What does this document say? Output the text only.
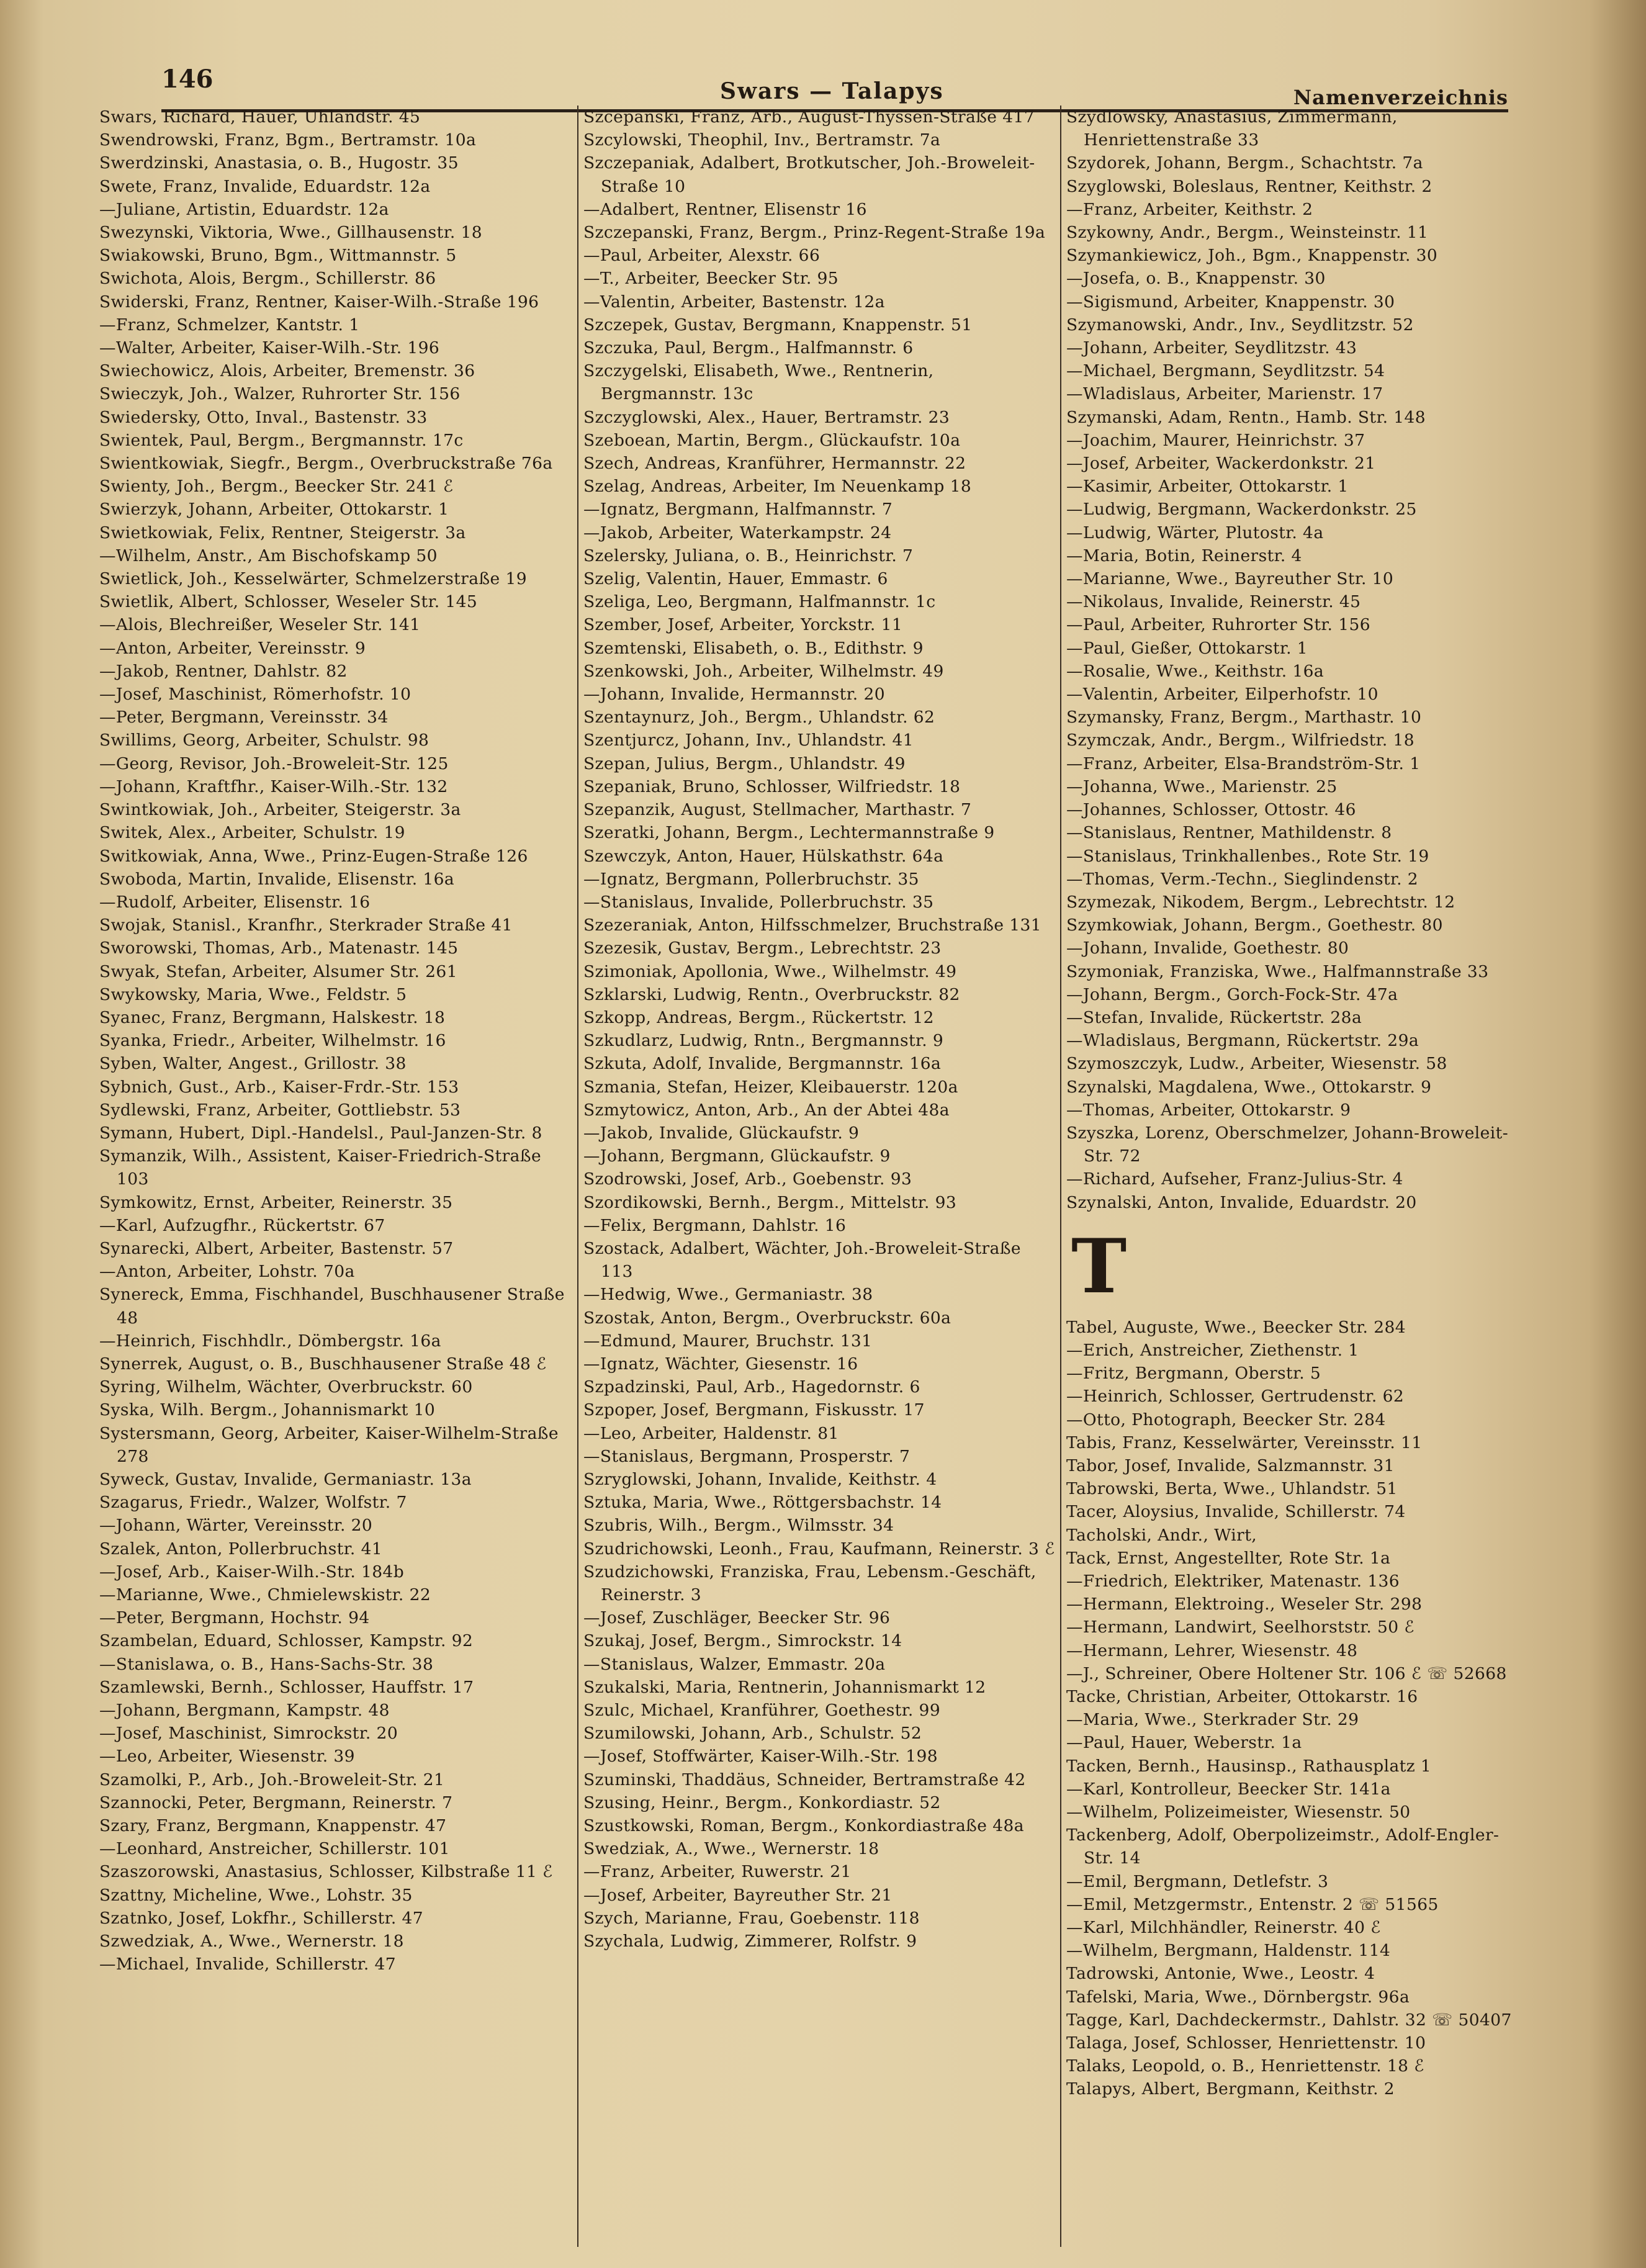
146	Swars — Talapys	Namenverzeichnis
Swars, Richard, Hauer, Uhlandstr. 45
Swendrowski, Franz, Bgm., Bertramstr. 10a
Swerdzinski, Anastasia, o. B., Hugostr. 35
Swete, Franz, Invalide, Eduardstr. 12a
—Juliane, Artistin, Eduardstr. 12a
Swezynski, Viktoria, Wwe., Gillhausenstr. 18
Swiakowski, Bruno, Bgm., Wittmannstr. 5
Swichota, Alois, Bergm., Schillerstr. 86
Swiderski, Franz, Rentner, Kaiser-Wilh.-Straße 196
—Franz, Schmelzer, Kantstr. 1
—Walter, Arbeiter, Kaiser-Wilh.-Str. 196
Swiechowicz, Alois, Arbeiter, Bremenstr. 36
Swieczyk, Joh., Walzer, Ruhrorter Str. 156
Swiedersky, Otto, Inval., Bastenstr. 33
Swientek, Paul, Bergm., Bergmannstr. 17c
Swientkowiak, Siegfr., Bergm., Overbruckstraße 76a
Swienty, Joh., Bergm., Beecker Str. 241 ℰ
Swierzyk, Johann, Arbeiter, Ottokarstr. 1
Swietkowiak, Felix, Rentner, Steigerstr. 3a
—Wilhelm, Anstr., Am Bischofskamp 50
Swietlick, Joh., Kesselwärter, Schmelzerstraße 19
Swietlik, Albert, Schlosser, Weseler Str. 145
—Alois, Blechreißer, Weseler Str. 141
—Anton, Arbeiter, Vereinsstr. 9
—Jakob, Rentner, Dahlstr. 82
—Josef, Maschinist, Römerhofstr. 10
—Peter, Bergmann, Vereinsstr. 34
Swillims, Georg, Arbeiter, Schulstr. 98
—Georg, Revisor, Joh.-Broweleit-Str. 125
—Johann, Kraftfhr., Kaiser-Wilh.-Str. 132
Swintkowiak, Joh., Arbeiter, Steigerstr. 3a
Switek, Alex., Arbeiter, Schulstr. 19
Switkowiak, Anna, Wwe., Prinz-Eugen-Straße 126
Swoboda, Martin, Invalide, Elisenstr. 16a
—Rudolf, Arbeiter, Elisenstr. 16
Swojak, Stanisl., Kranfhr., Sterkrader Straße 41
Sworowski, Thomas, Arb., Matenastr. 145
Swyak, Stefan, Arbeiter, Alsumer Str. 261
Swykowsky, Maria, Wwe., Feldstr. 5
Syanec, Franz, Bergmann, Halskestr. 18
Syanka, Friedr., Arbeiter, Wilhelmstr. 16
Syben, Walter, Angest., Grillostr. 38
Sybnich, Gust., Arb., Kaiser-Frdr.-Str. 153
Sydlewski, Franz, Arbeiter, Gottliebstr. 53
Symann, Hubert, Dipl.-Handelsl., Paul-Janzen-Str. 8
Symanzik, Wilh., Assistent, Kaiser-Friedrich-Straße 103
Symkowitz, Ernst, Arbeiter, Reinerstr. 35
—Karl, Aufzugfhr., Rückertstr. 67
Synarecki, Albert, Arbeiter, Bastenstr. 57
—Anton, Arbeiter, Lohstr. 70a
Synereck, Emma, Fischhandel, Buschhausener Straße 48
—Heinrich, Fischhdlr., Dömbergstr. 16a
Synerrek, August, o. B., Buschhausener Straße 48 ℰ
Syring, Wilhelm, Wächter, Overbruckstr. 60
Syska, Wilh. Bergm., Johannismarkt 10
Systersmann, Georg, Arbeiter, Kaiser-Wilhelm-Straße 278
Syweck, Gustav, Invalide, Germaniastr. 13a
Szagarus, Friedr., Walzer, Wolfstr. 7
—Johann, Wärter, Vereinsstr. 20
Szalek, Anton, Pollerbruchstr. 41
—Josef, Arb., Kaiser-Wilh.-Str. 184b
—Marianne, Wwe., Chmielewskistr. 22
—Peter, Bergmann, Hochstr. 94
Szambelan, Eduard, Schlosser, Kampstr. 92
—Stanislawa, o. B., Hans-Sachs-Str. 38
Szamlewski, Bernh., Schlosser, Hauffstr. 17
—Johann, Bergmann, Kampstr. 48
—Josef, Maschinist, Simrockstr. 20
—Leo, Arbeiter, Wiesenstr. 39
Szamolki, P., Arb., Joh.-Broweleit-Str. 21
Szannocki, Peter, Bergmann, Reinerstr. 7
Szary, Franz, Bergmann, Knappenstr. 47
—Leonhard, Anstreicher, Schillerstr. 101
Szaszorowski, Anastasius, Schlosser, Kilbstraße 11 ℰ
Szattny, Micheline, Wwe., Lohstr. 35
Szatnko, Josef, Lokfhr., Schillerstr. 47
Szwedziak, A., Wwe., Wernerstr. 18
—Michael, Invalide, Schillerstr. 47
Szcepanski, Franz, Arb., August-Thyssen-Straße 417
Szcylowski, Theophil, Inv., Bertramstr. 7a
Szczepaniak, Adalbert, Brotkutscher, Joh.-Broweleit-Straße 10
—Adalbert, Rentner, Elisenstr 16
Szczepanski, Franz, Bergm., Prinz-Regent-Straße 19a
—Paul, Arbeiter, Alexstr. 66
—T., Arbeiter, Beecker Str. 95
—Valentin, Arbeiter, Bastenstr. 12a
Szczepek, Gustav, Bergmann, Knappenstr. 51
Szczuka, Paul, Bergm., Halfmannstr. 6
Szczygelski, Elisabeth, Wwe., Rentnerin, Bergmannstr. 13c
Szczyglowski, Alex., Hauer, Bertramstr. 23
Szeboean, Martin, Bergm., Glückaufstr. 10a
Szech, Andreas, Kranführer, Hermannstr. 22
Szelag, Andreas, Arbeiter, Im Neuenkamp 18
—Ignatz, Bergmann, Halfmannstr. 7
—Jakob, Arbeiter, Waterkampstr. 24
Szelersky, Juliana, o. B., Heinrichstr. 7
Szelig, Valentin, Hauer, Emmastr. 6
Szeliga, Leo, Bergmann, Halfmannstr. 1c
Szember, Josef, Arbeiter, Yorckstr. 11
Szemtenski, Elisabeth, o. B., Edithstr. 9
Szenkowski, Joh., Arbeiter, Wilhelmstr. 49
—Johann, Invalide, Hermannstr. 20
Szentaynurz, Joh., Bergm., Uhlandstr. 62
Szentjurcz, Johann, Inv., Uhlandstr. 41
Szepan, Julius, Bergm., Uhlandstr. 49
Szepaniak, Bruno, Schlosser, Wilfriedstr. 18
Szepanzik, August, Stellmacher, Marthastr. 7
Szeratki, Johann, Bergm., Lechtermannstraße 9
Szewczyk, Anton, Hauer, Hülskathstr. 64a
—Ignatz, Bergmann, Pollerbruchstr. 35
—Stanislaus, Invalide, Pollerbruchstr. 35
Szezeraniak, Anton, Hilfsschmelzer, Bruchstraße 131
Szezesik, Gustav, Bergm., Lebrechtstr. 23
Szimoniak, Apollonia, Wwe., Wilhelmstr. 49
Szklarski, Ludwig, Rentn., Overbruckstr. 82
Szkopp, Andreas, Bergm., Rückertstr. 12
Szkudlarz, Ludwig, Rntn., Bergmannstr. 9
Szkuta, Adolf, Invalide, Bergmannstr. 16a
Szmania, Stefan, Heizer, Kleibauerstr. 120a
Szmytowicz, Anton, Arb., An der Abtei 48a
—Jakob, Invalide, Glückaufstr. 9
—Johann, Bergmann, Glückaufstr. 9
Szodrowski, Josef, Arb., Goebenstr. 93
Szordikowski, Bernh., Bergm., Mittelstr. 93
—Felix, Bergmann, Dahlstr. 16
Szostack, Adalbert, Wächter, Joh.-Broweleit-Straße 113
—Hedwig, Wwe., Germaniastr. 38
Szostak, Anton, Bergm., Overbruckstr. 60a
—Edmund, Maurer, Bruchstr. 131
—Ignatz, Wächter, Giesenstr. 16
Szpadzinski, Paul, Arb., Hagedornstr. 6
Szpoper, Josef, Bergmann, Fiskusstr. 17
—Leo, Arbeiter, Haldenstr. 81
—Stanislaus, Bergmann, Prosperstr. 7
Szryglowski, Johann, Invalide, Keithstr. 4
Sztuka, Maria, Wwe., Röttgersbachstr. 14
Szubris, Wilh., Bergm., Wilmsstr. 34
Szudrichowski, Leonh., Frau, Kaufmann, Reinerstr. 3 ℰ
Szudzichowski, Franziska, Frau, Lebensm.-Geschäft, Reinerstr. 3
—Josef, Zuschläger, Beecker Str. 96
Szukaj, Josef, Bergm., Simrockstr. 14
—Stanislaus, Walzer, Emmastr. 20a
Szukalski, Maria, Rentnerin, Johannismarkt 12
Szulc, Michael, Kranführer, Goethestr. 99
Szumilowski, Johann, Arb., Schulstr. 52
—Josef, Stoffwärter, Kaiser-Wilh.-Str. 198
Szuminski, Thaddäus, Schneider, Bertramstraße 42
Szusing, Heinr., Bergm., Konkordiastr. 52
Szustkowski, Roman, Bergm., Konkordiastraße 48a
Swedziak, A., Wwe., Wernerstr. 18
—Franz, Arbeiter, Ruwerstr. 21
—Josef, Arbeiter, Bayreuther Str. 21
Szych, Marianne, Frau, Goebenstr. 118
Szychala, Ludwig, Zimmerer, Rolfstr. 9
Szydlowsky, Anastasius, Zimmermann, Henriettenstraße 33
Szydorek, Johann, Bergm., Schachtstr. 7a
Szyglowski, Boleslaus, Rentner, Keithstr. 2
—Franz, Arbeiter, Keithstr. 2
Szykowny, Andr., Bergm., Weinsteinstr. 11
Szymankiewicz, Joh., Bgm., Knappenstr. 30
—Josefa, o. B., Knappenstr. 30
—Sigismund, Arbeiter, Knappenstr. 30
Szymanowski, Andr., Inv., Seydlitzstr. 52
—Johann, Arbeiter, Seydlitzstr. 43
—Michael, Bergmann, Seydlitzstr. 54
—Wladislaus, Arbeiter, Marienstr. 17
Szymanski, Adam, Rentn., Hamb. Str. 148
—Joachim, Maurer, Heinrichstr. 37
—Josef, Arbeiter, Wackerdonkstr. 21
—Kasimir, Arbeiter, Ottokarstr. 1
—Ludwig, Bergmann, Wackerdonkstr. 25
—Ludwig, Wärter, Plutostr. 4a
—Maria, Botin, Reinerstr. 4
—Marianne, Wwe., Bayreuther Str. 10
—Nikolaus, Invalide, Reinerstr. 45
—Paul, Arbeiter, Ruhrorter Str. 156
—Paul, Gießer, Ottokarstr. 1
—Rosalie, Wwe., Keithstr. 16a
—Valentin, Arbeiter, Eilperhofstr. 10
Szymansky, Franz, Bergm., Marthastr. 10
Szymczak, Andr., Bergm., Wilfriedstr. 18
—Franz, Arbeiter, Elsa-Brandström-Str. 1
—Johanna, Wwe., Marienstr. 25
—Johannes, Schlosser, Ottostr. 46
—Stanislaus, Rentner, Mathildenstr. 8
—Stanislaus, Trinkhallenbes., Rote Str. 19
—Thomas, Verm.-Techn., Sieglindenstr. 2
Szymezak, Nikodem, Bergm., Lebrechtstr. 12
Szymkowiak, Johann, Bergm., Goethestr. 80
—Johann, Invalide, Goethestr. 80
Szymoniak, Franziska, Wwe., Halfmannstraße 33
—Johann, Bergm., Gorch-Fock-Str. 47a
—Stefan, Invalide, Rückertstr. 28a
—Wladislaus, Bergmann, Rückertstr. 29a
Szymoszczyk, Ludw., Arbeiter, Wiesenstr. 58
Szynalski, Magdalena, Wwe., Ottokarstr. 9
—Thomas, Arbeiter, Ottokarstr. 9
Szyszka, Lorenz, Oberschmelzer, Johann-Broweleit-Str. 72
—Richard, Aufseher, Franz-Julius-Str. 4
Szynalski, Anton, Invalide, Eduardstr. 20
T
Tabel, Auguste, Wwe., Beecker Str. 284
—Erich, Anstreicher, Ziethenstr. 1
—Fritz, Bergmann, Oberstr. 5
—Heinrich, Schlosser, Gertrudenstr. 62
—Otto, Photograph, Beecker Str. 284
Tabis, Franz, Kesselwärter, Vereinsstr. 11
Tabor, Josef, Invalide, Salzmannstr. 31
Tabrowski, Berta, Wwe., Uhlandstr. 51
Tacer, Aloysius, Invalide, Schillerstr. 74
Tacholski, Andr., Wirt,
Tack, Ernst, Angestellter, Rote Str. 1a
—Friedrich, Elektriker, Matenastr. 136
—Hermann, Elektroing., Weseler Str. 298
—Hermann, Landwirt, Seelhorststr. 50 ℰ
—Hermann, Lehrer, Wiesenstr. 48
—J., Schreiner, Obere Holtener Str. 106 ℰ ☏ 52668
Tacke, Christian, Arbeiter, Ottokarstr. 16
—Maria, Wwe., Sterkrader Str. 29
—Paul, Hauer, Weberstr. 1a
Tacken, Bernh., Hausinsp., Rathausplatz 1
—Karl, Kontrolleur, Beecker Str. 141a
—Wilhelm, Polizeimeister, Wiesenstr. 50
Tackenberg, Adolf, Oberpolizeimstr., Adolf-Engler-Str. 14
—Emil, Bergmann, Detlefstr. 3
—Emil, Metzgermstr., Entenstr. 2 ☏ 51565
—Karl, Milchhändler, Reinerstr. 40 ℰ
—Wilhelm, Bergmann, Haldenstr. 114
Tadrowski, Antonie, Wwe., Leostr. 4
Tafelski, Maria, Wwe., Dörnbergstr. 96a
Tagge, Karl, Dachdeckermstr., Dahlstr. 32 ☏ 50407
Talaga, Josef, Schlosser, Henriettenstr. 10
Talaks, Leopold, o. B., Henriettenstr. 18 ℰ
Talapys, Albert, Bergmann, Keithstr. 2
